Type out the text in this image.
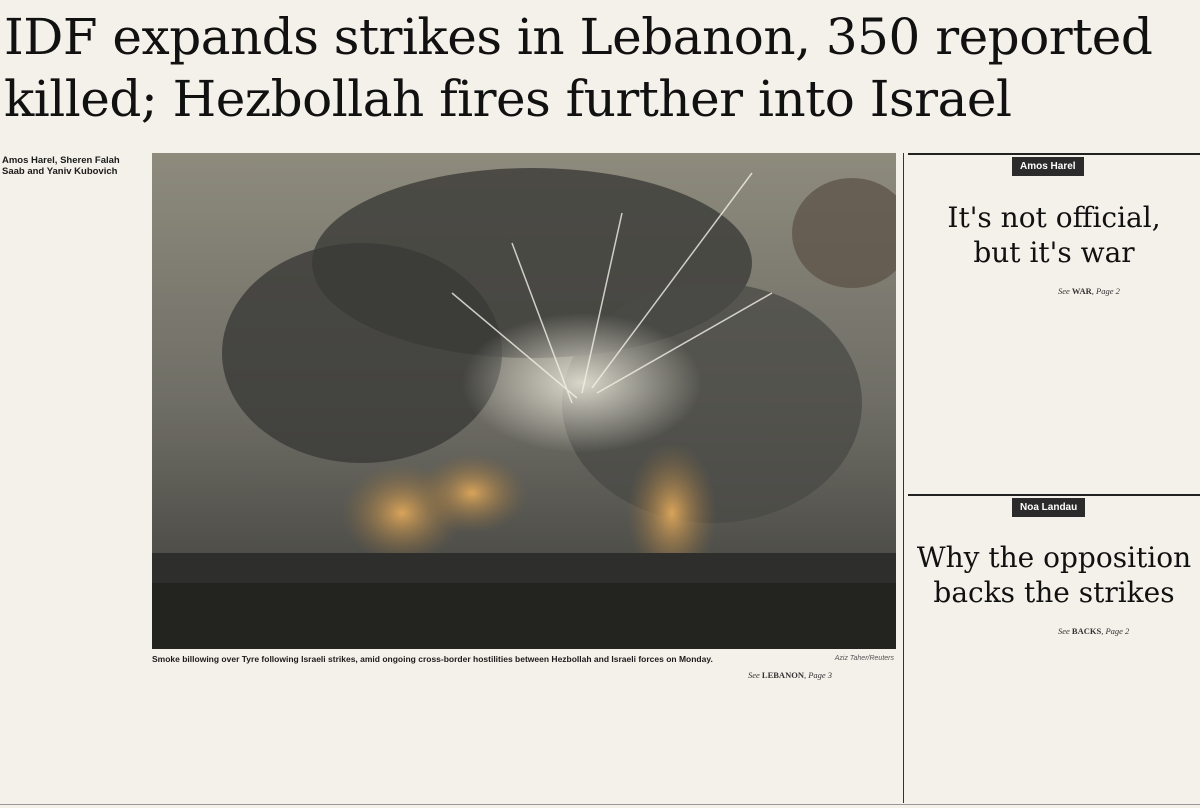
IDF expands strikes in Lebanon, 350 reported
killed; Hezbollah fires further into Israel
Amos Harel, Sheren Falah
Saab and Yaniv Kubovich
Smoke billowing over Tyre following Israeli strikes, amid ongoing cross-border hostilities between Hezbollah and Israeli forces on Monday.	Aziz Taher/Reuters
See LEBANON, Page 3
Amos Harel
It's not official,
but it's war
See WAR, Page 2
Noa Landau
Why the opposition
backs the strikes
See BACKS, Page 2
